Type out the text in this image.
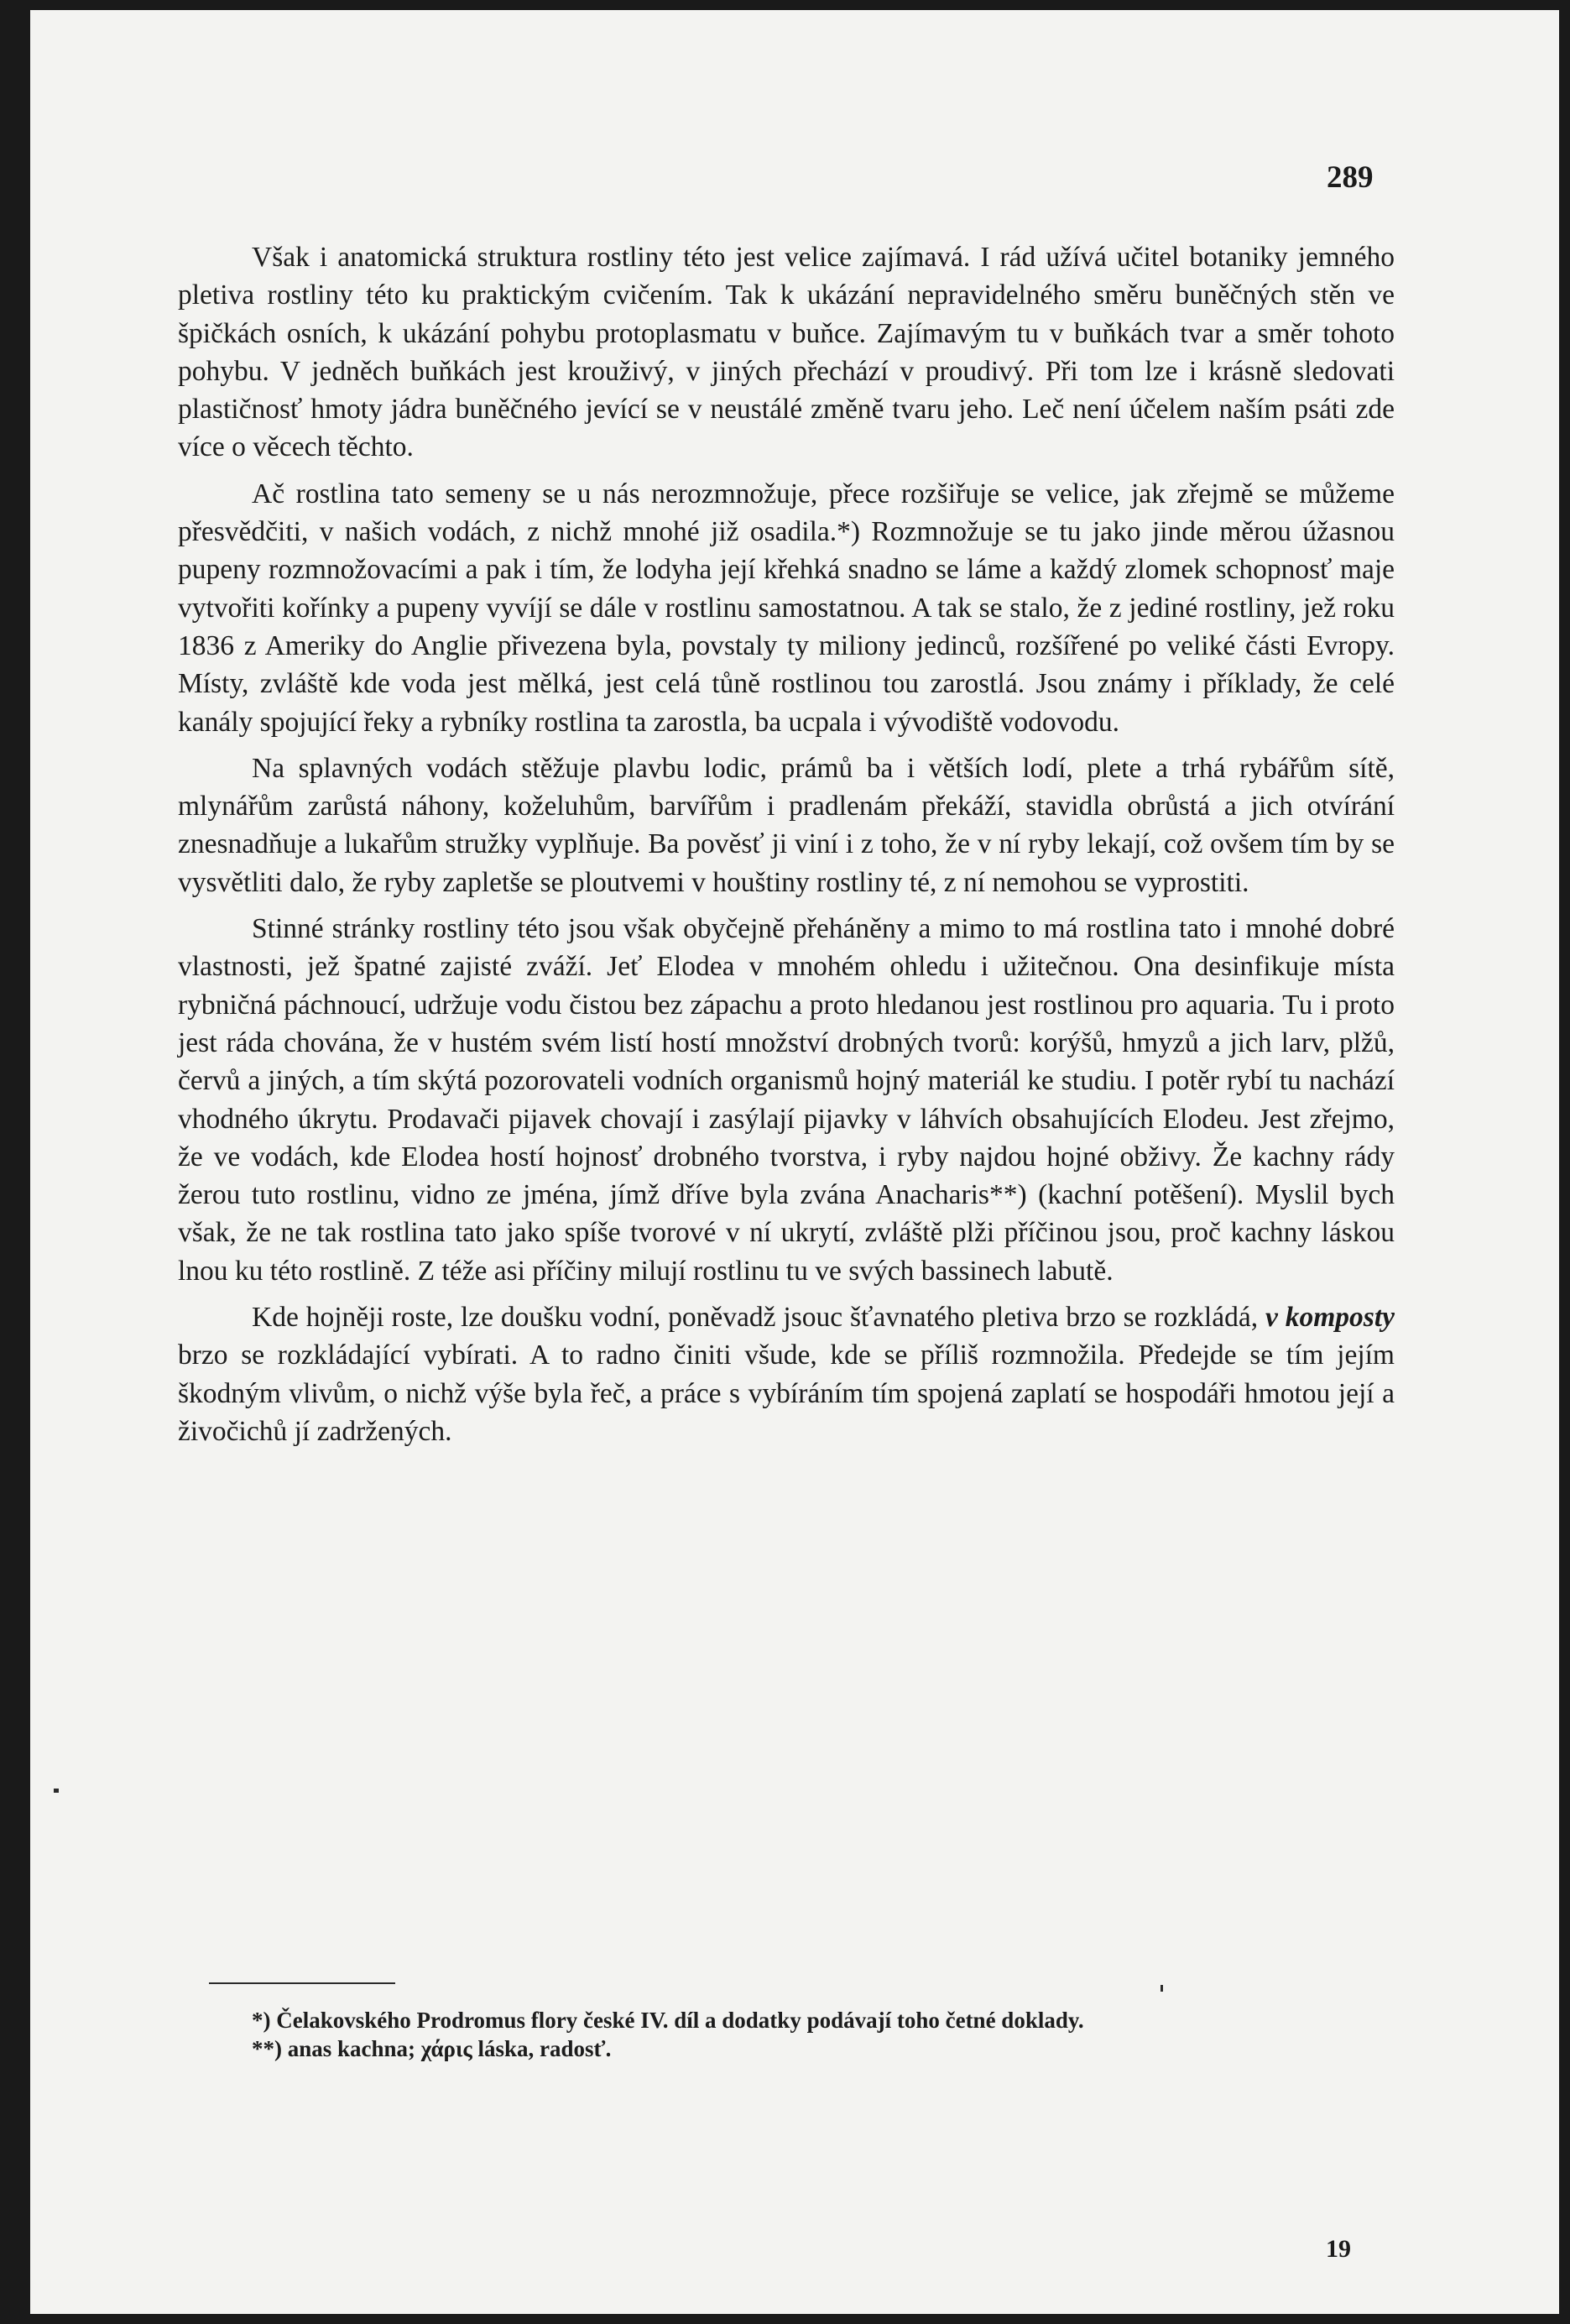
289

Však i anatomická struktura rostliny této jest velice zajímavá. I rád užívá učitel botaniky jemného pletiva rostliny této ku praktickým cvičením. Tak k ukázání nepravidelného směru buněčných stěn ve špičkách osních, k ukázání pohybu protoplasmatu v buňce. Zajímavým tu v buňkách tvar a směr tohoto pohybu. V jedněch buňkách jest krouživý, v jiných přechází v proudivý. Při tom lze i krásně sledovati plastičnosť hmoty jádra buněčného jevící se v neustálé změně tvaru jeho. Leč není účelem naším psáti zde více o věcech těchto.

Ač rostlina tato semeny se u nás nerozmnožuje, přece rozšiřuje se velice, jak zřejmě se můžeme přesvědčiti, v našich vodách, z nichž mnohé již osadila.*) Rozmnožuje se tu jako jinde měrou úžasnou pupeny rozmnožovacími a pak i tím, že lodyha její křehká snadno se láme a každý zlomek schopnosť maje vytvořiti kořínky a pupeny vyvíjí se dále v rostlinu samostatnou. A tak se stalo, že z jediné rostliny, jež roku 1836 z Ameriky do Anglie přivezena byla, povstaly ty miliony jedinců, rozšířené po veliké části Evropy. Místy, zvláště kde voda jest mělká, jest celá tůně rostlinou tou zarostlá. Jsou známy i příklady, že celé kanály spojující řeky a rybníky rostlina ta zarostla, ba ucpala i vývodiště vodovodu.

Na splavných vodách stěžuje plavbu lodic, prámů ba i větších lodí, plete a trhá rybářům sítě, mlynářům zarůstá náhony, koželuhům, barvířům i pradlenám překáží, stavidla obrůstá a jich otvírání znesnadňuje a lukařům stružky vyplňuje. Ba pověsť ji viní i z toho, že v ní ryby lekají, což ovšem tím by se vysvětliti dalo, že ryby zapletše se ploutvemi v houštiny rostliny té, z ní nemohou se vyprostiti.

Stinné stránky rostliny této jsou však obyčejně přeháněny a mimo to má rostlina tato i mnohé dobré vlastnosti, jež špatné zajisté zváží. Jeť Elodea v mnohém ohledu i užitečnou. Ona desinfikuje místa rybničná páchnoucí, udržuje vodu čistou bez zápachu a proto hledanou jest rostlinou pro aquaria. Tu i proto jest ráda chována, že v hustém svém listí hostí množství drobných tvorů: korýšů, hmyzů a jich larv, plžů, červů a jiných, a tím skýtá pozorovateli vodních organismů hojný materiál ke studiu. I potěr rybí tu nachází vhodného úkrytu. Prodavači pijavek chovají i zasýlají pijavky v láhvích obsahujících Elodeu. Jest zřejmo, že ve vodách, kde Elodea hostí hojnosť drobného tvorstva, i ryby najdou hojné obživy. Že kachny rády žerou tuto rostlinu, vidno ze jména, jímž dříve byla zvána Anacharis**) (kachní potěšení). Myslil bych však, že ne tak rostlina tato jako spíše tvorové v ní ukrytí, zvláště plži příčinou jsou, proč kachny láskou lnou ku této rostlině. Z téže asi příčiny milují rostlinu tu ve svých bassinech labutě.

Kde hojněji roste, lze doušku vodní, poněvadž jsouc šťavnatého pletiva brzo se rozkládá, v komposty brzo se rozkládající vybírati. A to radno činiti všude, kde se příliš rozmnožila. Předejde se tím jejím škodným vlivům, o nichž výše byla řeč, a práce s vybíráním tím spojená zaplatí se hospodáři hmotou její a živočichů jí zadržených.

*) Čelakovského Prodromus flory české IV. díl a dodatky podávají toho četné doklady.

**) anas kachna; χάρις láska, radosť.

19
